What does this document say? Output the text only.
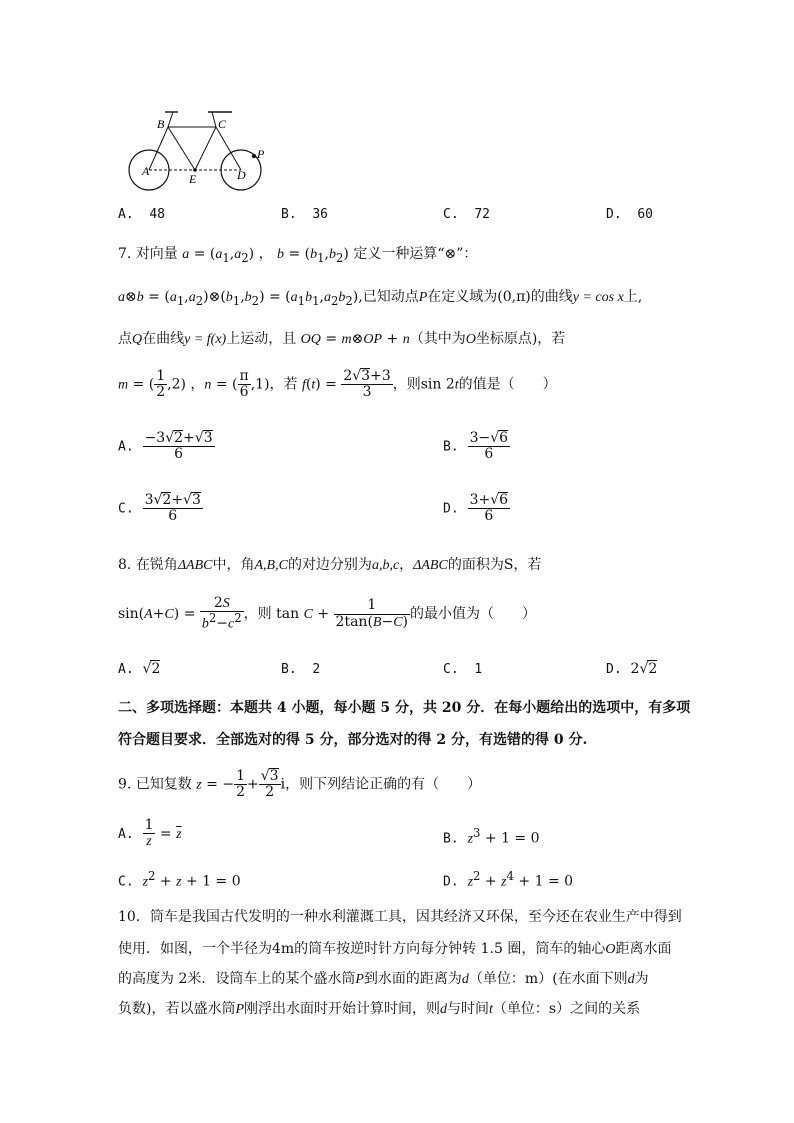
A
B	C
D
E
P
A. 48	B. 36	C. 72	D. 60
7. 对向量 $a = (a_1,a_2)$ ， $b = (b_1,b_2)$ 定义一种运算“⊗”：
a⊗b = $(a_1,a_2)\otimes(b_1,b_2) = (a_1b_1,a_2b_2)$,已知动点P在定义域为(0,π)的曲线y = cos x上,
点Q在曲线y = f(x)上运动，且 OQ = m⊗OP + n（其中为O坐标原点)，若
m = ( $\frac{1}{2} ,2$) ，n = ( $\frac{\pi}{6} ,1$)，若 $f(t) = \frac{2√3+3}{3}$ ，则sin 2t的值是（　　）
A. $\frac{-3√2+√3}{6}$	B. $\frac{3-√6}{6}$
C. $\frac{3√2+√3}{6}$	D. $\frac{3+√6}{6}$
8. 在锐角ΔABC中，角A,B,C的对边分别为a,b,c，ΔABC的面积为S，若
$\sin(A+C) = \frac{2S}{b^2-c^2}$ ，则 $\tan C + \frac{1}{2\tan(B-C)}$ 的最小值为（　　）
A.  √2	B. 2	C. 1	D.  2√2
二、多项选择题：本题共 4 小题，每小题 5 分，共 20 分．在每小题给出的选项中，有多项
符合题目要求．全部选对的得 5 分，部分选对的得 2 分，有选错的得 0 分.
9. 已知复数 z = − $\frac{1}{2} + \frac{√3}{2}$ i，则下列结论正确的有（　　）
A. $\frac{1}{z} = \overline{z}$	B. $z^3 + 1 = 0$
C. $z^2 + z + 1 = 0$	D. $z^2 + z^4 + 1 = 0$
10．筒车是我国古代发明的一种水利灌溉工具，因其经济又环保，至今还在农业生产中得到
使用．如图，一个半径为4m的筒车按逆时针方向每分钟转 1.5 圈，筒车的轴心O距离水面
的高度为 2米．设筒车上的某个盛水筒P到水面的距离为d（单位：m）(在水面下则d为
负数)，若以盛水筒P刚浮出水面时开始计算时间，则d与时间t（单位：s）之间的关系
